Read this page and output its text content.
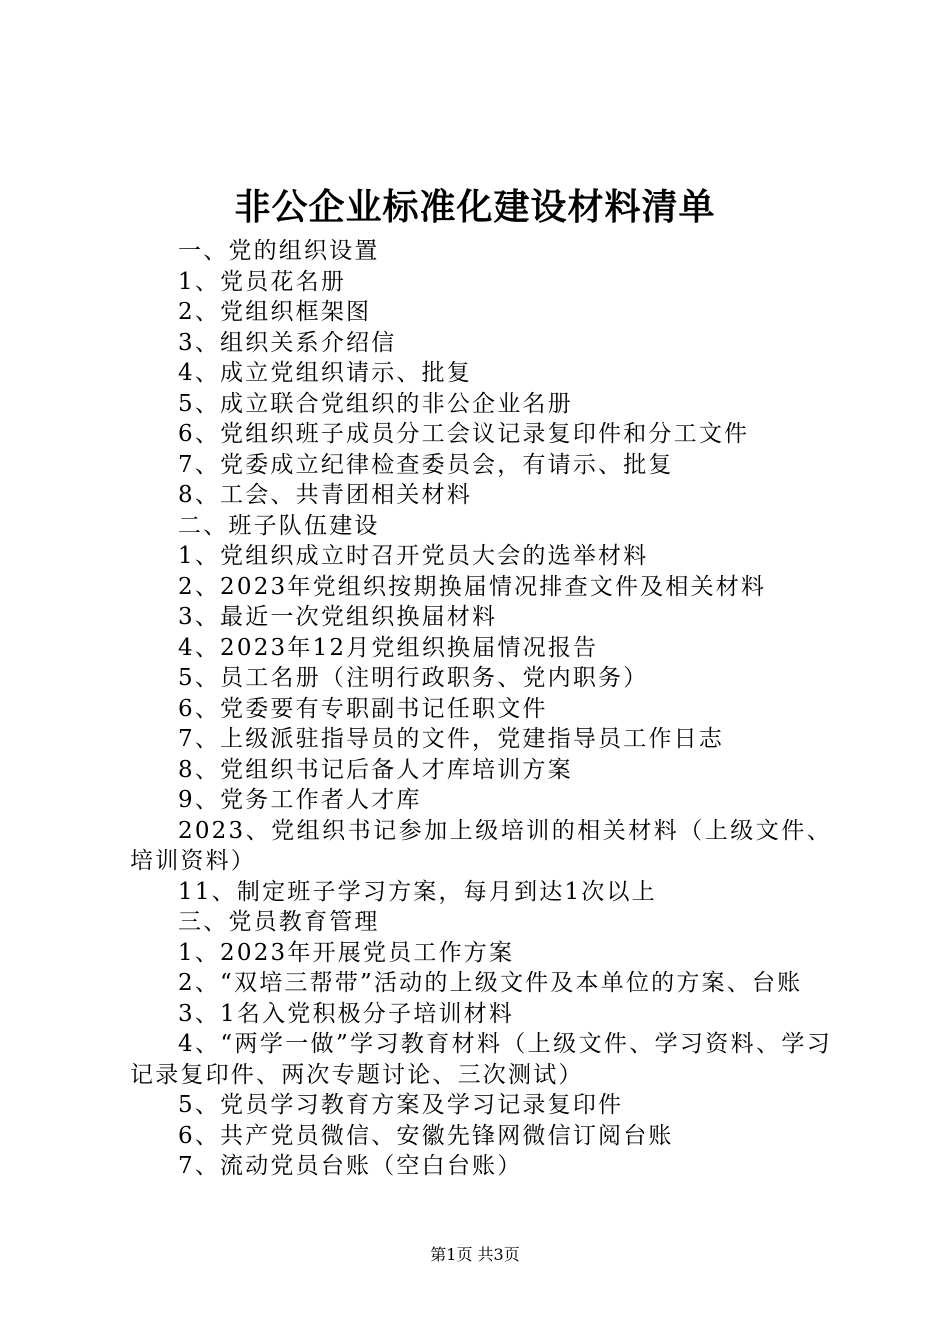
非公企业标准化建设材料清单
一、党的组织设置
1、党员花名册
2、党组织框架图
3、组织关系介绍信
4、成立党组织请示、批复
5、成立联合党组织的非公企业名册
6、党组织班子成员分工会议记录复印件和分工文件
7、党委成立纪律检查委员会，有请示、批复
8、工会、共青团相关材料
二、班子队伍建设
1、党组织成立时召开党员大会的选举材料
2、2023年党组织按期换届情况排查文件及相关材料
3、最近一次党组织换届材料
4、2023年12月党组织换届情况报告
5、员工名册（注明行政职务、党内职务）
6、党委要有专职副书记任职文件
7、上级派驻指导员的文件，党建指导员工作日志
8、党组织书记后备人才库培训方案
9、党务工作者人才库
2023、党组织书记参加上级培训的相关材料（上级文件、培训资料）
11、制定班子学习方案，每月到达1次以上
三、党员教育管理
1、2023年开展党员工作方案
2、“双培三帮带”活动的上级文件及本单位的方案、台账
3、1名入党积极分子培训材料
4、“两学一做”学习教育材料（上级文件、学习资料、学习记录复印件、两次专题讨论、三次测试）
5、党员学习教育方案及学习记录复印件
6、共产党员微信、安徽先锋网微信订阅台账
7、流动党员台账（空白台账）
第1页 共3页
